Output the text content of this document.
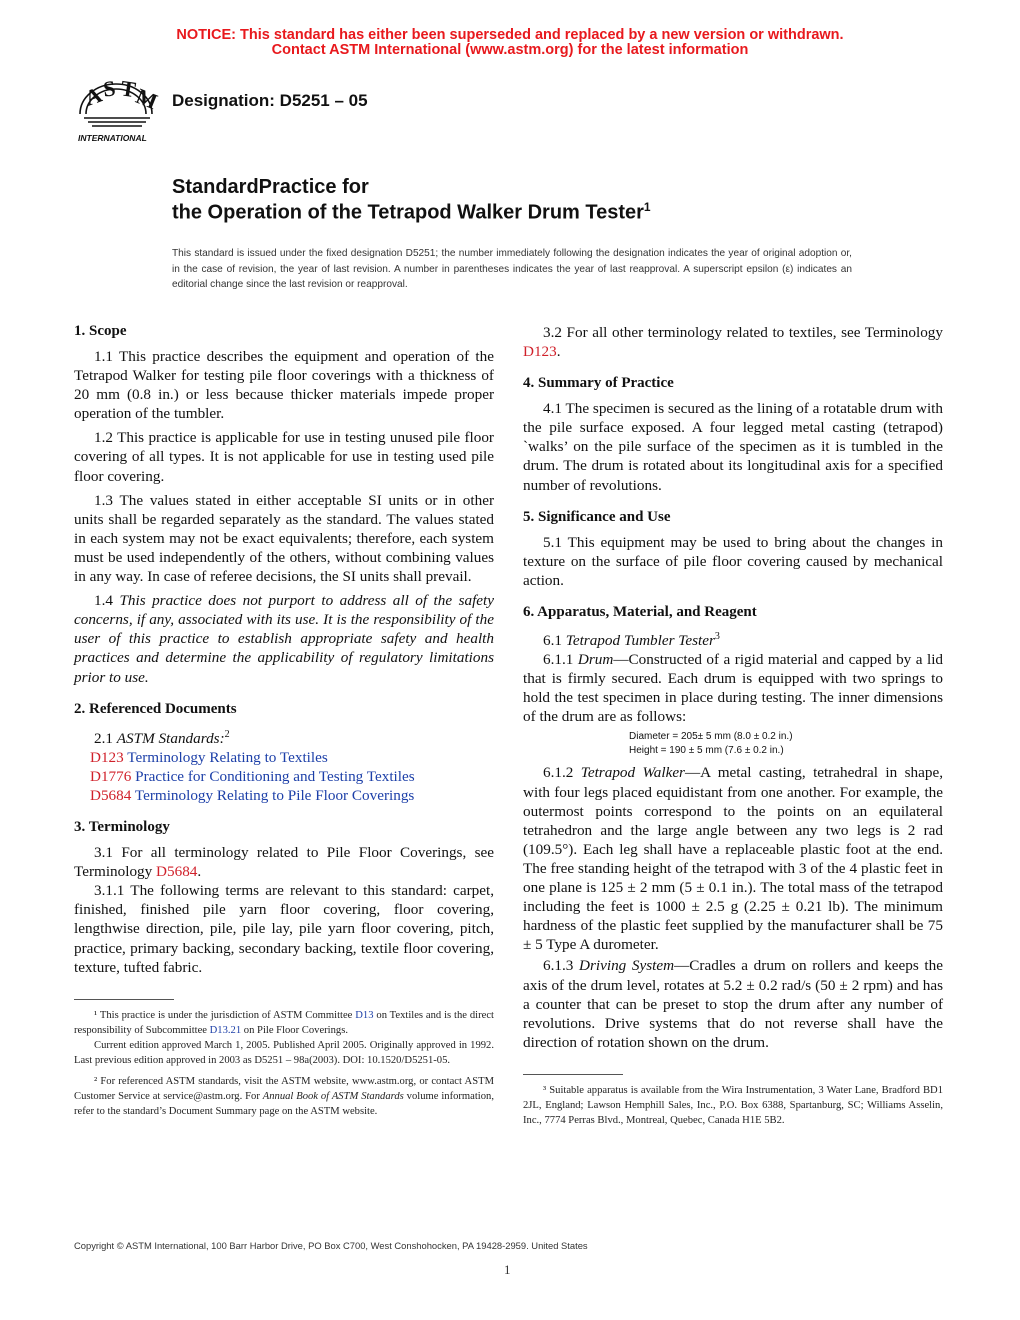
NOTICE: This standard has either been superseded and replaced by a new version or withdrawn.
Contact ASTM International (www.astm.org) for the latest information
A
S T
M
INTERNATIONAL
Designation: D5251 – 05
StandardPractice for
the Operation of the Tetrapod Walker Drum Tester$^1$
This standard is issued under the fixed designation D5251; the number immediately following the designation indicates the year of original adoption or, in the case of revision, the year of last revision. A number in parentheses indicates the year of last reapproval. A superscript epsilon (ε) indicates an editorial change since the last revision or reapproval.
1. Scope

1.1 This practice describes the equipment and operation of the Tetrapod Walker for testing pile floor coverings with a thickness of 20 mm (0.8 in.) or less because thicker materials impede proper operation of the tumbler.

1.2 This practice is applicable for use in testing unused pile floor covering of all types. It is not applicable for use in testing used pile floor covering.

1.3 The values stated in either acceptable SI units or in other units shall be regarded separately as the standard. The values stated in each system may not be exact equivalents; therefore, each system must be used independently of the others, without combining values in any way. In case of referee decisions, the SI units shall prevail.

1.4 This practice does not purport to address all of the safety concerns, if any, associated with its use. It is the responsibility of the user of this practice to establish appropriate safety and health practices and determine the applicability of regulatory limitations prior to use.

2. Referenced Documents

2.1 ASTM Standards:$^2$

D123 Terminology Relating to Textiles

D1776 Practice for Conditioning and Testing Textiles

D5684 Terminology Relating to Pile Floor Coverings

3. Terminology

3.1 For all terminology related to Pile Floor Coverings, see Terminology D5684.

3.1.1 The following terms are relevant to this standard: carpet, finished, finished pile yarn floor covering, floor covering, lengthwise direction, pile, pile lay, pile yarn floor covering, pitch, practice, primary backing, secondary backing, textile floor covering, texture, tufted fabric.

¹ This practice is under the jurisdiction of ASTM Committee D13 on Textiles and is the direct responsibility of Subcommittee D13.21 on Pile Floor Coverings.

Current edition approved March 1, 2005. Published April 2005. Originally approved in 1992. Last previous edition approved in 2003 as D5251 – 98a(2003). DOI: 10.1520/D5251-05.

² For referenced ASTM standards, visit the ASTM website, www.astm.org, or contact ASTM Customer Service at service@astm.org. For Annual Book of ASTM Standards volume information, refer to the standard’s Document Summary page on the ASTM website.

3.2 For all other terminology related to textiles, see Terminology D123.

4. Summary of Practice

4.1 The specimen is secured as the lining of a rotatable drum with the pile surface exposed. A four legged metal casting (tetrapod) `walks’ on the pile surface of the specimen as it is tumbled in the drum. The drum is rotated about its longitudinal axis for a specified number of revolutions.

5. Significance and Use

5.1 This equipment may be used to bring about the changes in texture on the surface of pile floor covering caused by mechanical action.

6. Apparatus, Material, and Reagent

6.1 Tetrapod Tumbler Tester$^3$

6.1.1 Drum—Constructed of a rigid material and capped by a lid that is firmly secured. Each drum is equipped with two springs to hold the test specimen in place during testing. The inner dimensions of the drum are as follows:

Diameter = 205± 5 mm (8.0 ± 0.2 in.)
Height = 190 ± 5 mm (7.6 ± 0.2 in.)

6.1.2 Tetrapod Walker—A metal casting, tetrahedral in shape, with four legs placed equidistant from one another. For example, the outermost points correspond to the points on an equilateral tetrahedron and the large angle between any two legs is 2 rad (109.5°). Each leg shall have a replaceable plastic foot at the end. The free standing height of the tetrapod with 3 of the 4 plastic feet in one plane is 125 ± 2 mm (5 ± 0.1 in.). The total mass of the tetrapod including the feet is 1000 ± 2.5 g (2.25 ± 0.21 lb). The minimum hardness of the plastic feet supplied by the manufacturer shall be 75 ± 5 Type A durometer.

6.1.3 Driving System—Cradles a drum on rollers and keeps the axis of the drum level, rotates at 5.2 ± 0.2 rad/s (50 ± 2 rpm) and has a counter that can be preset to stop the drum after any number of revolutions. Drive systems that do not reverse shall have the direction of rotation shown on the drum.

³ Suitable apparatus is available from the Wira Instrumentation, 3 Water Lane, Bradford BD1 2JL, England; Lawson Hemphill Sales, Inc., P.O. Box 6388, Spartanburg, SC; Williams Asselin, Inc., 7774 Perras Blvd., Montreal, Quebec, Canada H1E 5B2.

Copyright © ASTM International, 100 Barr Harbor Drive, PO Box C700, West Conshohocken, PA 19428-2959. United States
1
